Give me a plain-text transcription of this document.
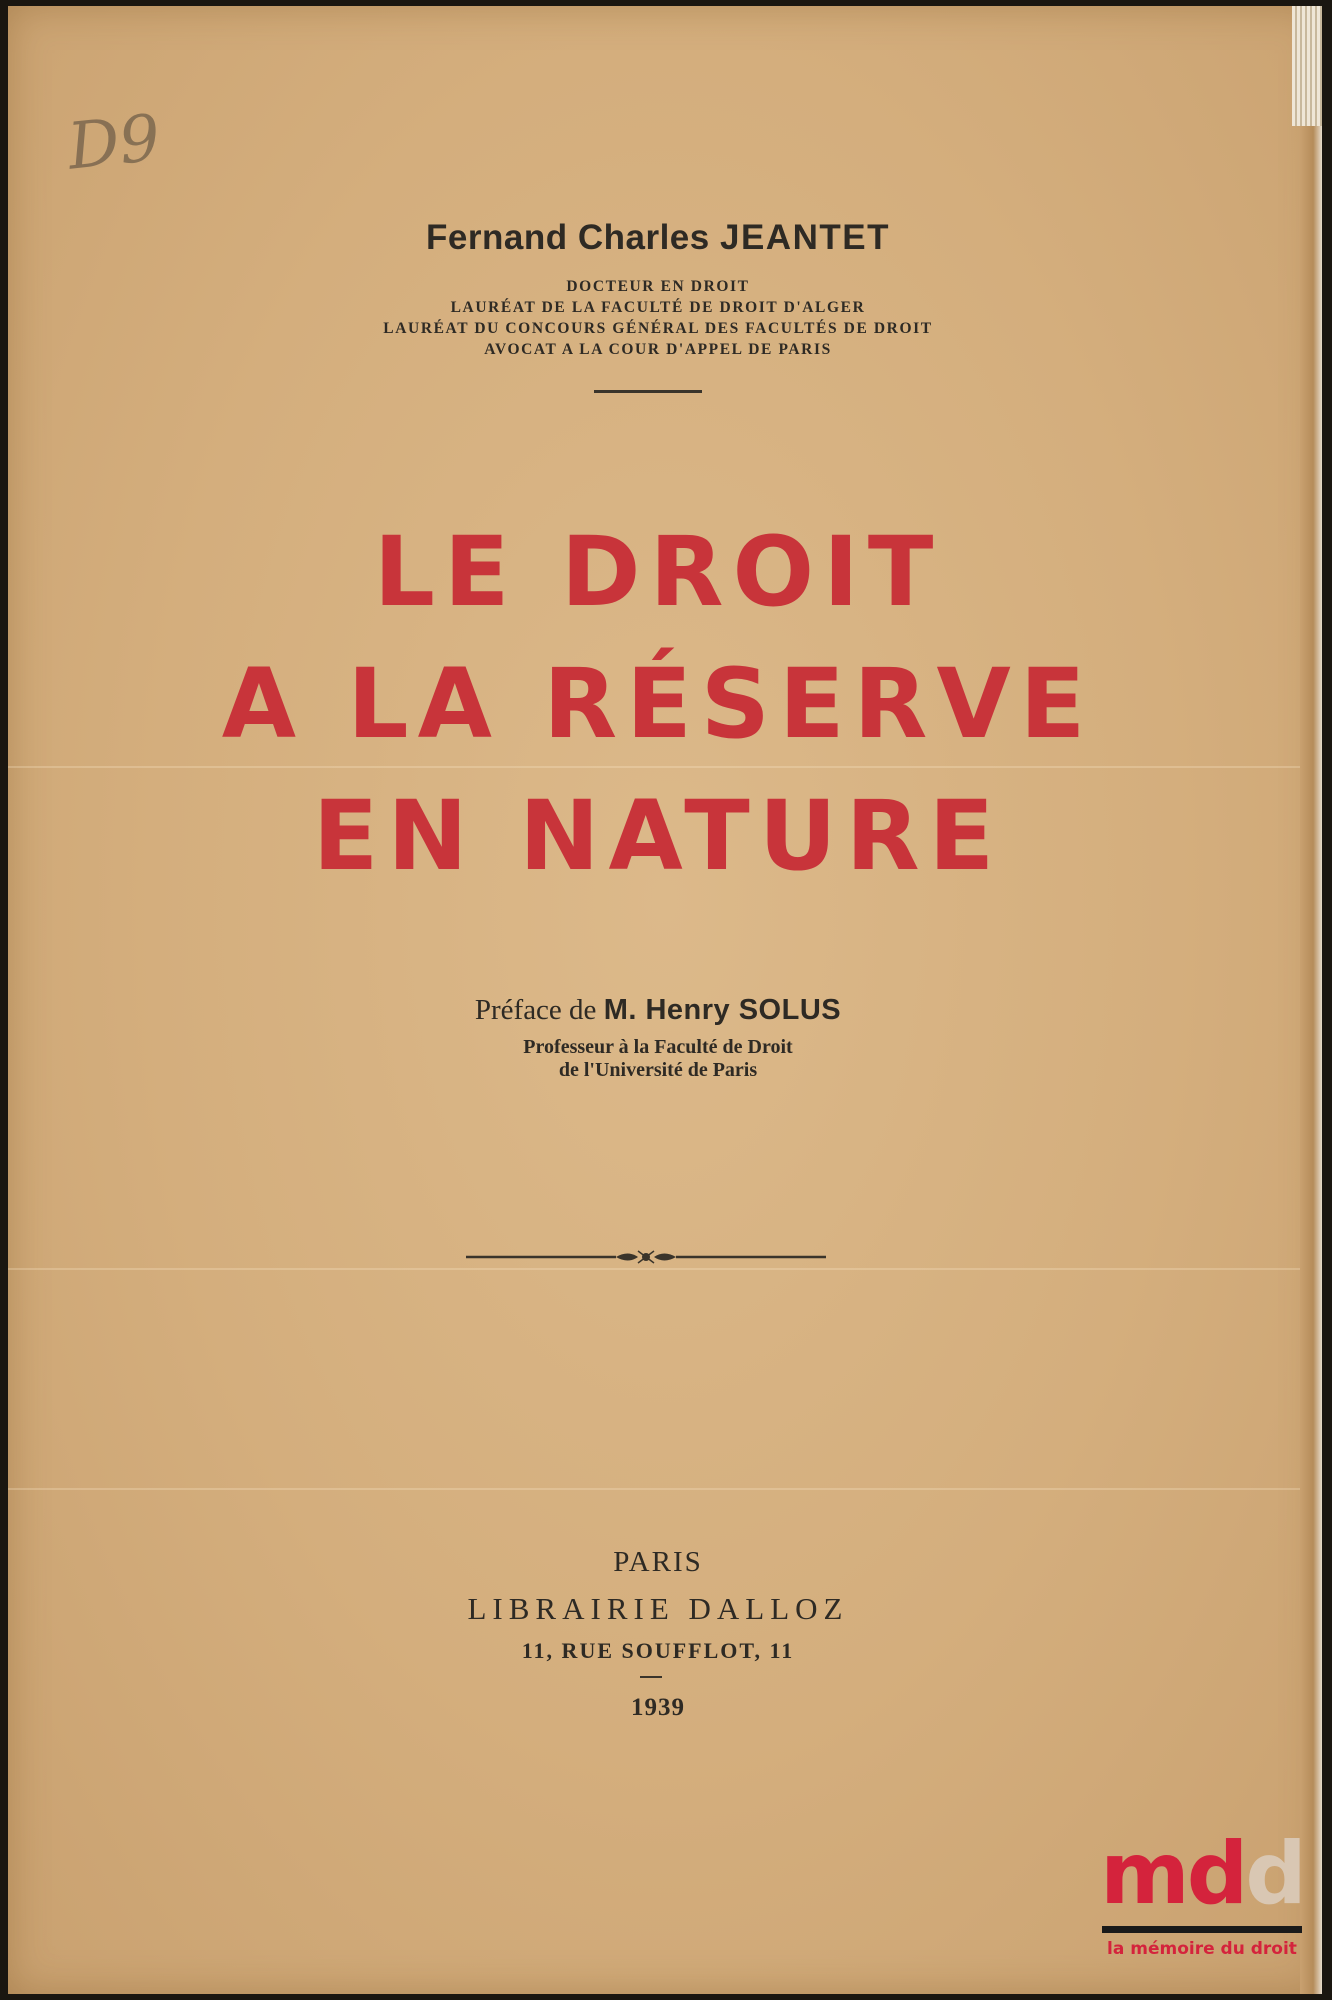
D9
Fernand Charles JEANTET
DOCTEUR EN DROIT
LAURÉAT DE LA FACULTÉ DE DROIT D'ALGER
LAURÉAT DU CONCOURS GÉNÉRAL DES FACULTÉS DE DROIT
AVOCAT A LA COUR D'APPEL DE PARIS
LE DROIT
A LA RÉSERVE
EN NATURE
Préface de M. Henry SOLUS
Professeur à la Faculté de Droit
de l'Université de Paris
PARIS
LIBRAIRIE DALLOZ
11, RUE SOUFFLOT, 11
1939
mdd
la mémoire du droit
